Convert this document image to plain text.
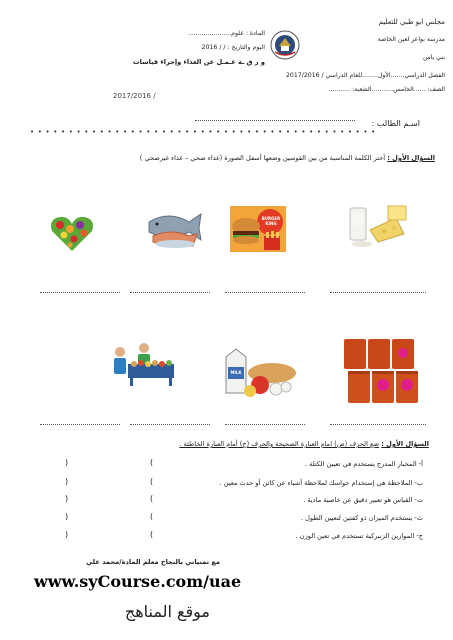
مجلس ابو ظبي للتعليم
مدرسة بواعر لعين الخاصة
بني ياس
الفصل الدراسي.......الأول........للعام الدراسي / 2017/2016
الصف: ......الخامس...........الشعبة: ...........
المادة : علوم......................
اليوم والتاريخ : / / 2016
و ر ق ـة عـمـل عن الغذاء وإجراء قياسات
2017/2016 /
اسـم الطالب :
• • • • • • • • • • • • • • • • • • • • • • • • • • • • • • • • • • • • • • • • • • • • •
السؤال الأول : أختر الكلمة المناسبة من بين القوسين وضعها أسفل الصورة (غذاء صحي – غذاء غيرصحي )
BURGER KING
MILK
السؤال الأول : ضع الحرف (ص) امام العبارة الصحيحة والحرف (خ) أمام العبارة الخاطئة .
أ- المخبار المدرج يستخدم في تعيين الكتلة .
(
)
ب- الملاحظة هي إستخدام حواسك لملاحظة أشياء عن كائن أو حدث معين .
(
)
ت- القياس هو تعبير دقيق عن خاصية مادية .
(
)
ث- يستخدم الميزان ذو كفتين لتعيين الطول .
(
)
ج- الموازين الزنبركية تستخدم في تعين الوزن .
(
)
مع تمنياتي بالنجاح معلم المادة/محمد علي
www.syCourse.com/uae
موقع المناهج
